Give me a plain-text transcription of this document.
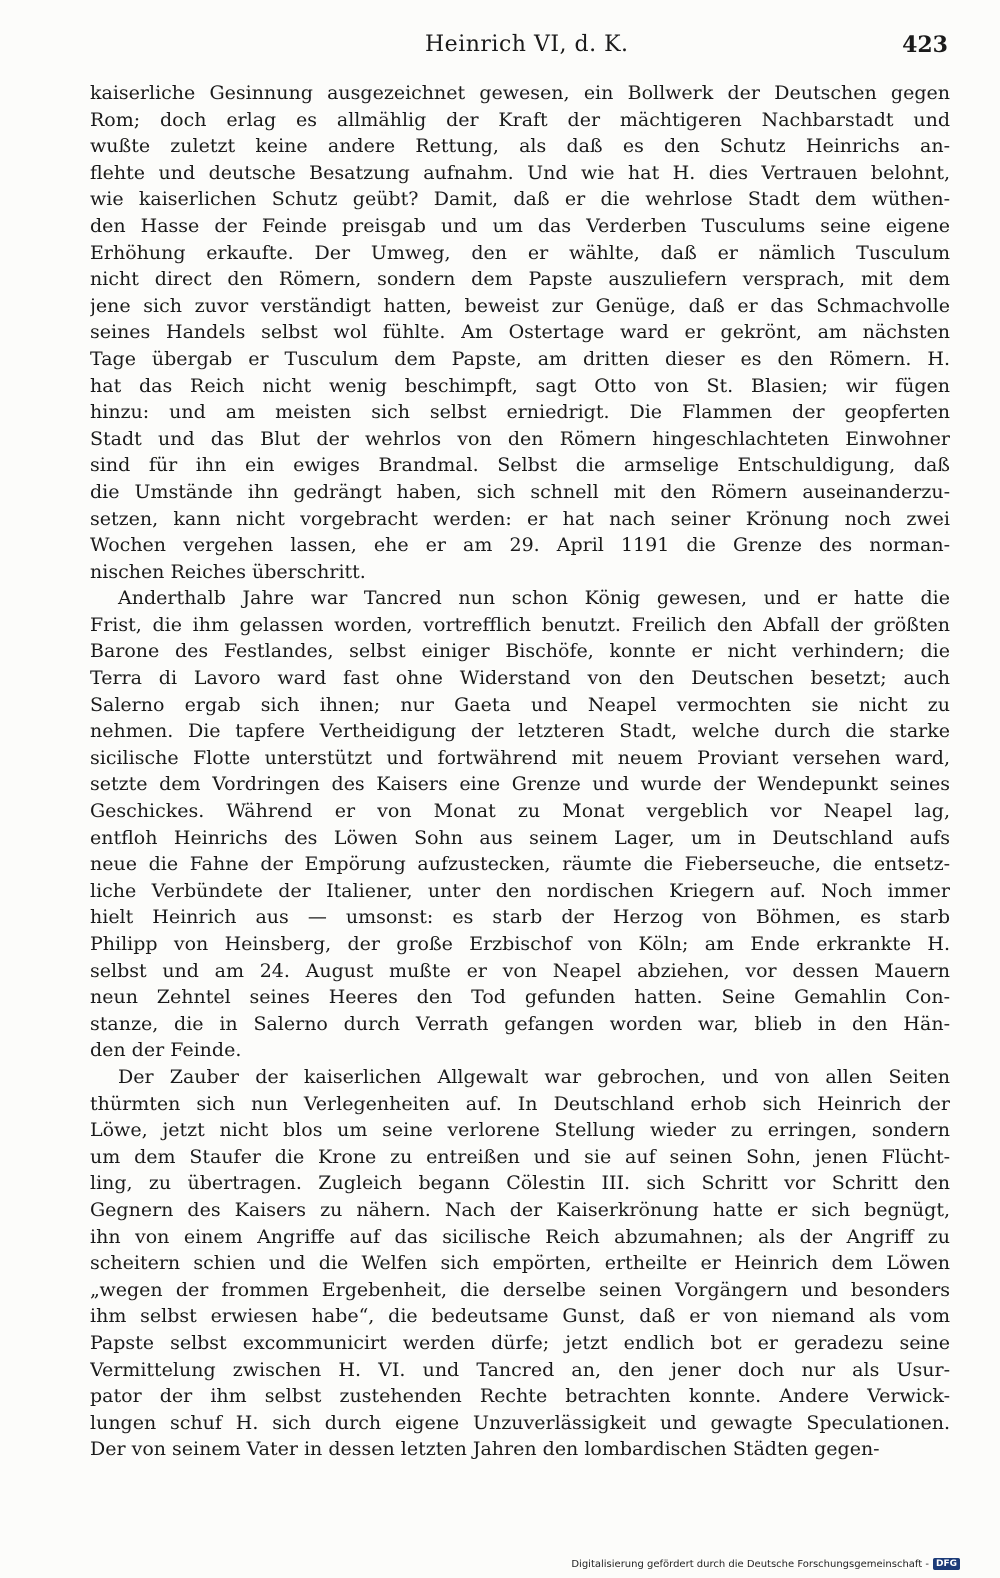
Heinrich VI, d. K.	423
kaiserliche Gesinnung ausgezeichnet gewesen, ein Bollwerk der Deutschen gegen
Rom; doch erlag es allmählig der Kraft der mächtigeren Nachbarstadt und
wußte zuletzt keine andere Rettung, als daß es den Schutz Heinrichs an-
flehte und deutsche Besatzung aufnahm. Und wie hat H. dies Vertrauen belohnt,
wie kaiserlichen Schutz geübt? Damit, daß er die wehrlose Stadt dem wüthen-
den Hasse der Feinde preisgab und um das Verderben Tusculums seine eigene
Erhöhung erkaufte. Der Umweg, den er wählte, daß er nämlich Tusculum
nicht direct den Römern, sondern dem Papste auszuliefern versprach, mit dem
jene sich zuvor verständigt hatten, beweist zur Genüge, daß er das Schmachvolle
seines Handels selbst wol fühlte. Am Ostertage ward er gekrönt, am nächsten
Tage übergab er Tusculum dem Papste, am dritten dieser es den Römern. H.
hat das Reich nicht wenig beschimpft, sagt Otto von St. Blasien; wir fügen
hinzu: und am meisten sich selbst erniedrigt. Die Flammen der geopferten
Stadt und das Blut der wehrlos von den Römern hingeschlachteten Einwohner
sind für ihn ein ewiges Brandmal. Selbst die armselige Entschuldigung, daß
die Umstände ihn gedrängt haben, sich schnell mit den Römern auseinanderzu-
setzen, kann nicht vorgebracht werden: er hat nach seiner Krönung noch zwei
Wochen vergehen lassen, ehe er am 29. April 1191 die Grenze des norman-
nischen Reiches überschritt.
Anderthalb Jahre war Tancred nun schon König gewesen, und er hatte die
Frist, die ihm gelassen worden, vortrefflich benutzt. Freilich den Abfall der größten
Barone des Festlandes, selbst einiger Bischöfe, konnte er nicht verhindern; die
Terra di Lavoro ward fast ohne Widerstand von den Deutschen besetzt; auch
Salerno ergab sich ihnen; nur Gaeta und Neapel vermochten sie nicht zu
nehmen. Die tapfere Vertheidigung der letzteren Stadt, welche durch die starke
sicilische Flotte unterstützt und fortwährend mit neuem Proviant versehen ward,
setzte dem Vordringen des Kaisers eine Grenze und wurde der Wendepunkt seines
Geschickes. Während er von Monat zu Monat vergeblich vor Neapel lag,
entfloh Heinrichs des Löwen Sohn aus seinem Lager, um in Deutschland aufs
neue die Fahne der Empörung aufzustecken, räumte die Fieberseuche, die entsetz-
liche Verbündete der Italiener, unter den nordischen Kriegern auf. Noch immer
hielt Heinrich aus — umsonst: es starb der Herzog von Böhmen, es starb
Philipp von Heinsberg, der große Erzbischof von Köln; am Ende erkrankte H.
selbst und am 24. August mußte er von Neapel abziehen, vor dessen Mauern
neun Zehntel seines Heeres den Tod gefunden hatten. Seine Gemahlin Con-
stanze, die in Salerno durch Verrath gefangen worden war, blieb in den Hän-
den der Feinde.
Der Zauber der kaiserlichen Allgewalt war gebrochen, und von allen Seiten
thürmten sich nun Verlegenheiten auf. In Deutschland erhob sich Heinrich der
Löwe, jetzt nicht blos um seine verlorene Stellung wieder zu erringen, sondern
um dem Staufer die Krone zu entreißen und sie auf seinen Sohn, jenen Flücht-
ling, zu übertragen. Zugleich begann Cölestin III. sich Schritt vor Schritt den
Gegnern des Kaisers zu nähern. Nach der Kaiserkrönung hatte er sich begnügt,
ihn von einem Angriffe auf das sicilische Reich abzumahnen; als der Angriff zu
scheitern schien und die Welfen sich empörten, ertheilte er Heinrich dem Löwen
„wegen der frommen Ergebenheit, die derselbe seinen Vorgängern und besonders
ihm selbst erwiesen habe“, die bedeutsame Gunst, daß er von niemand als vom
Papste selbst excommunicirt werden dürfe; jetzt endlich bot er geradezu seine
Vermittelung zwischen H. VI. und Tancred an, den jener doch nur als Usur-
pator der ihm selbst zustehenden Rechte betrachten konnte. Andere Verwick-
lungen schuf H. sich durch eigene Unzuverlässigkeit und gewagte Speculationen.
Der von seinem Vater in dessen letzten Jahren den lombardischen Städten gegen-
Digitalisierung gefördert durch die Deutsche Forschungsgemeinschaft - DFG
